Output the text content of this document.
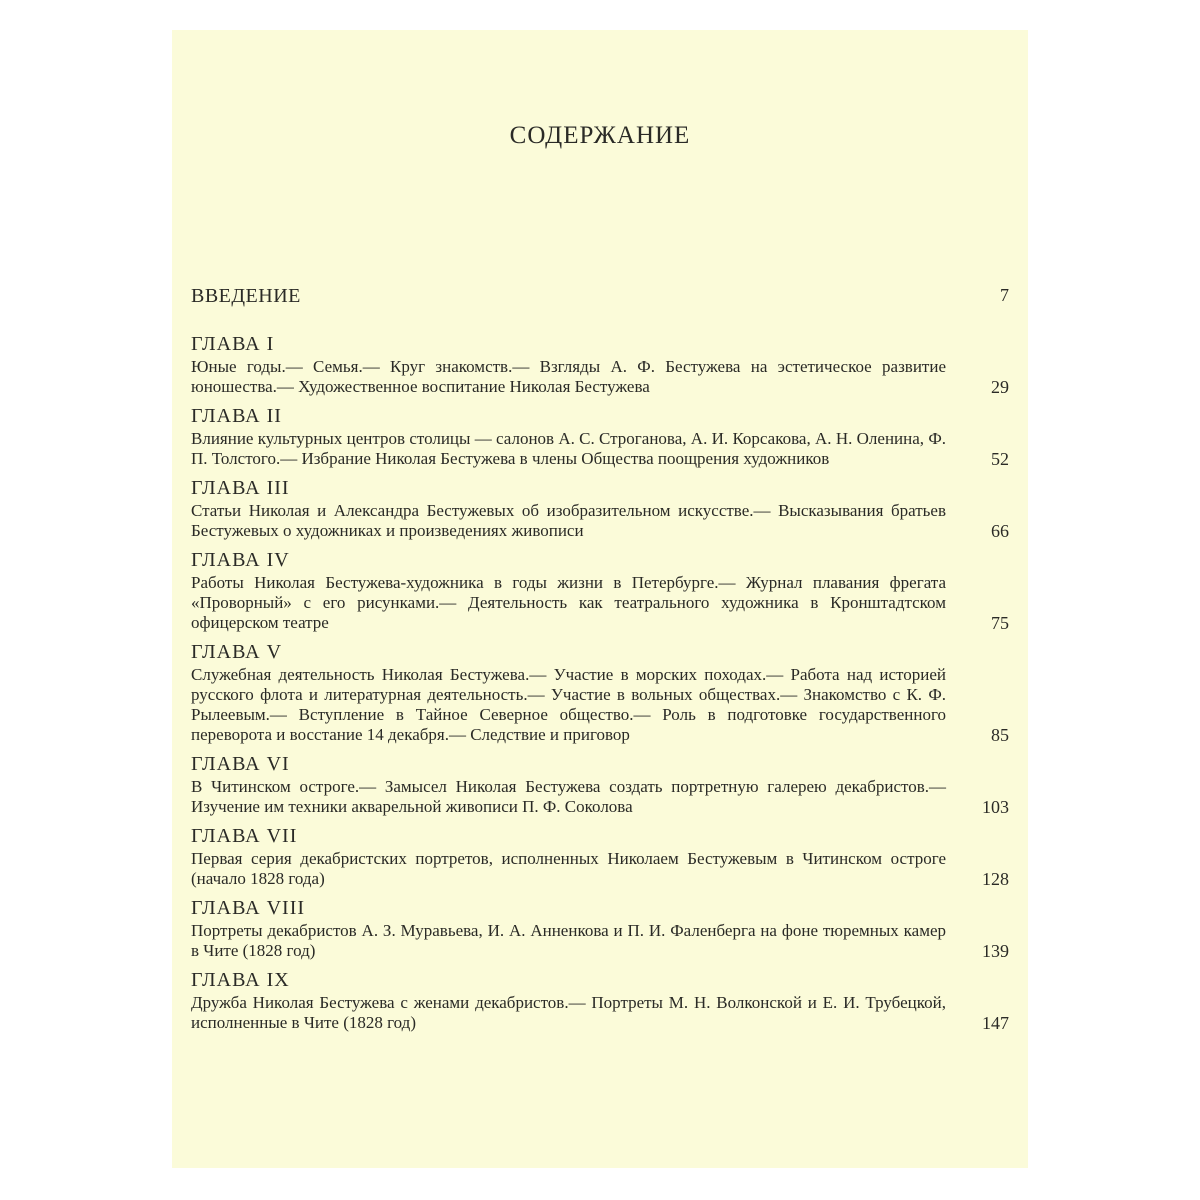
СОДЕРЖАНИЕ
ВВЕДЕНИЕ	7
ГЛАВА I
Юные годы.— Семья.— Круг знакомств.— Взгляды А. Ф. Бестужева на эстетическое развитие юношества.— Художественное воспитание Николая Бестужева	29
ГЛАВА II
Влияние культурных центров столицы — салонов А. С. Строганова, А. И. Корсакова, А. Н. Оленина, Ф. П. Толстого.— Избрание Николая Бестужева в члены Общества поощрения художников	52
ГЛАВА III
Статьи Николая и Александра Бестужевых об изобразительном искусстве.— Высказывания братьев Бестужевых о художниках и произведениях живописи	66
ГЛАВА IV
Работы Николая Бестужева-художника в годы жизни в Петербурге.— Журнал плавания фрегата «Проворный» с его рисунками.— Деятельность как театрального художника в Кронштадтском офицерском театре	75
ГЛАВА V
Служебная деятельность Николая Бестужева.— Участие в морских походах.— Работа над историей русского флота и литературная деятельность.— Участие в вольных обществах.— Знакомство с К. Ф. Рылеевым.— Вступление в Тайное Северное общество.— Роль в подготовке государственного переворота и восстание 14 декабря.— Следствие и приговор	85
ГЛАВА VI
В Читинском остроге.— Замысел Николая Бестужева создать портретную галерею декабристов.— Изучение им техники акварельной живописи П. Ф. Соколова	103
ГЛАВА VII
Первая серия декабристских портретов, исполненных Николаем Бестужевым в Читинском остроге (начало 1828 года)	128
ГЛАВА VIII
Портреты декабристов А. З. Муравьева, И. А. Анненкова и П. И. Фаленберга на фоне тюремных камер в Чите (1828 год)	139
ГЛАВА IX
Дружба Николая Бестужева с женами декабристов.— Портреты М. Н. Волконской и Е. И. Трубецкой, исполненные в Чите (1828 год)	147
